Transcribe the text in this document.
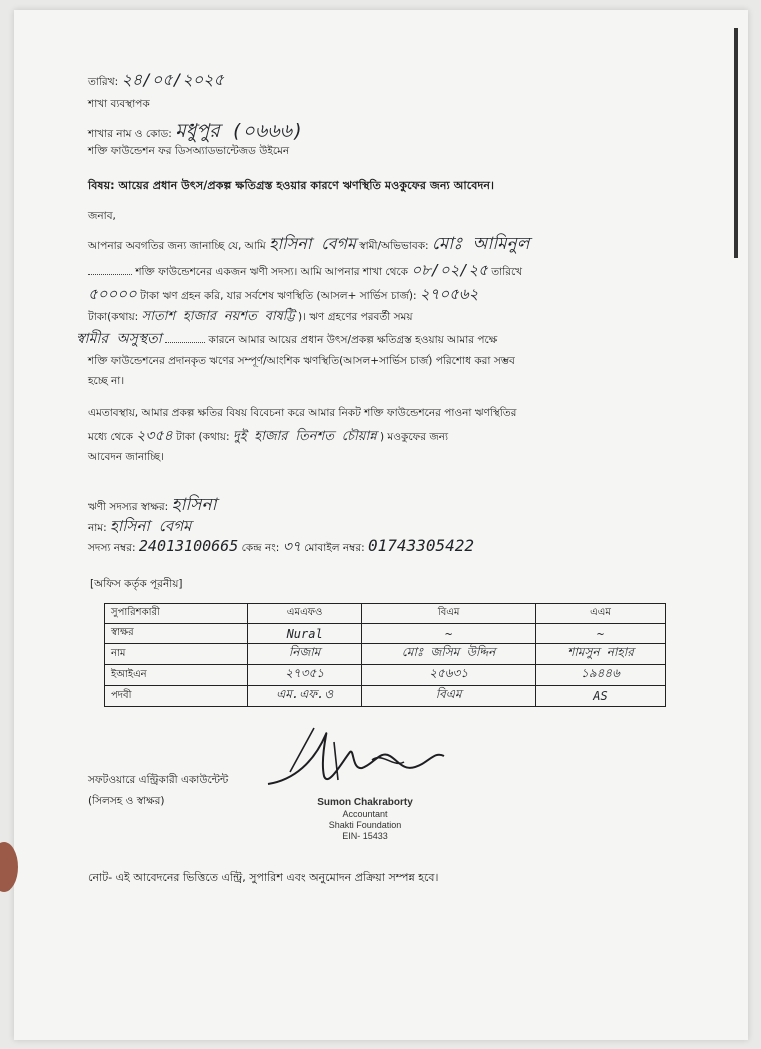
তারিখ: ২৪/০৫/২০২৫
শাখা ব্যবস্থাপক
শাখার নাম ও কোড: মধুপুর (০৬৬৬)
শক্তি ফাউন্ডেশন ফর ডিসঅ্যাডভান্টেজড উইমেন
বিষয়: আয়ের প্রধান উৎস/প্রকল্প ক্ষতিগ্রস্ত হওয়ার কারণে ঋণস্থিতি মওকুফের জন্য আবেদন।
জনাব,
আপনার অবগতির জন্য জানাচ্ছি যে, আমি হাসিনা বেগম স্বামী/অভিভাবক: মোঃ আমিনুল
শক্তি ফাউন্ডেশনের একজন ঋণী সদস্য। আমি আপনার শাখা থেকে ০৮/০২/২৫ তারিখে
৫০০০০ টাকা ঋণ গ্রহন করি, যার সর্বশেষ ঋণস্থিতি (আসল+ সার্ভিস চার্জ): ২৭০৫৬২
টাকা(কথায়: সাতাশ হাজার নয়শত বাষট্টি )। ঋণ গ্রহণের পরবর্তী সময়
স্বামীর অসুস্থতা	কারনে আমার আয়ের প্রধান উৎস/প্রকল্প ক্ষতিগ্রস্ত হওয়ায় আমার পক্ষে
শক্তি ফাউন্ডেশনের প্রদানকৃত ঋণের সম্পূর্ণ/আংশিক ঋণস্থিতি(আসল+সার্ভিস চার্জ) পরিশোধ করা সম্ভব
হচ্ছে না।
এমতাবস্থায়, আমার প্রকল্প ক্ষতির বিষয় বিবেচনা করে আমার নিকট শক্তি ফাউন্ডেশনের পাওনা ঋণস্থিতির
মধ্যে থেকে ২৩৫৪ টাকা (কথায়: দুই হাজার তিনশত চৌয়ান্ন ) মওকুফের জন্য
আবেদন জানাচ্ছি।
ঋণী সদস্যর স্বাক্ষর: হাসিনা
নাম: হাসিনা বেগম
সদস্য নম্বর: 24013100665 কেন্দ্র নং: ৩৭ মোবাইল নম্বর: 01743305422
[অফিস কর্তৃক পূরনীয়]
সুপারিশকারী	এমএফও	বিএম	এএম
স্বাক্ষর	Nural	~	~
নাম	নিজাম	মোঃ জসিম উদ্দিন	শামসুন নাহার
ইআইএন	২৭৩৫১	২৫৬৩১	১৯৪৪৬
পদবী	এম.এফ.ও	বিএম	AS
সফটওয়ারে এন্ট্রিকারী একাউন্টেন্ট
(সিলসহ ও স্বাক্ষর)	Sumon Chakraborty
Accountant
Shakti Foundation
EIN- 15433
নোট- এই আবেদনের ভিত্তিতে এন্ট্রি, সুপারিশ এবং অনুমোদন প্রক্রিয়া সম্পন্ন হবে।
